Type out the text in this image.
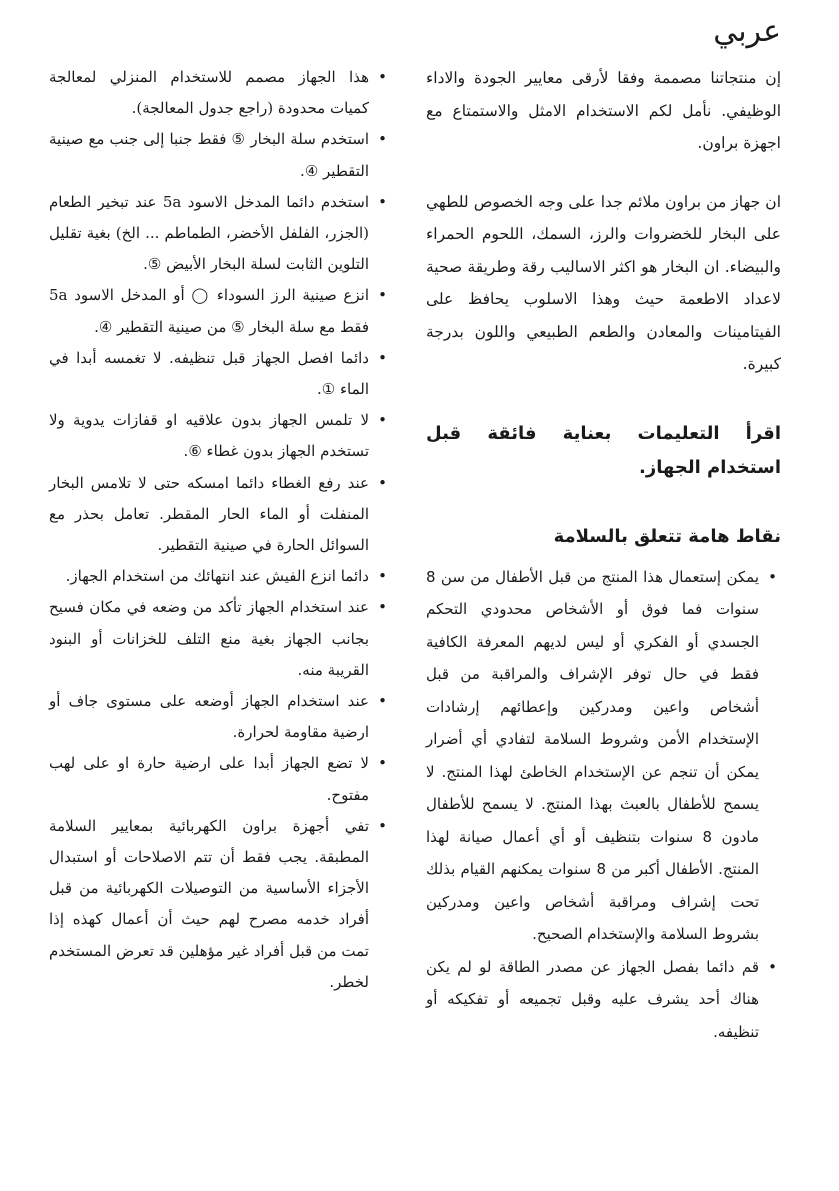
عربي

إن منتجاتنا مصممة وفقا لأرقى معايير الجودة والاداء الوظيفي. نأمل لكم الاستخدام الامثل والاستمتاع مع اجهزة براون.

ان جهاز من براون ملائم جدا على وجه الخصوص للطهي على البخار للخضروات والرز، السمك، اللحوم الحمراء والبيضاء. ان البخار هو اكثر الاساليب رقة وطريقة صحية لاعداد الاطعمة حيث وهذا الاسلوب يحافظ على الفيتامينات والمعادن والطعم الطبيعي واللون بدرجة كبيرة.

اقرأ التعليمات بعناية فائقة قبل استخدام الجهاز.
نقاط هامة تتعلق بالسلامة
• يمكن إستعمال هذا المنتج من قبل الأطفال من سن 8 سنوات فما فوق أو الأشخاص محدودي التحكم الجسدي أو الفكري أو ليس لديهم المعرفة الكافية فقط في حال توفر الإشراف والمراقبة من قبل أشخاص واعين ومدركين وإعطائهم إرشادات الإستخدام الأمن وشروط السلامة لتفادي أي أضرار يمكن أن تنجم عن الإستخدام الخاطئ لهذا المنتج. لا يسمح للأطفال بالعبث بهذا المنتج. لا يسمح للأطفال مادون 8 سنوات بتنظيف أو أي أعمال صيانة لهذا المنتج. الأطفال أكبر من 8 سنوات يمكنهم القيام بذلك تحت إشراف ومراقبة أشخاص واعين ومدركين بشروط السلامة والإستخدام الصحيح.
• قم دائما بفصل الجهاز عن مصدر الطاقة لو لم يكن هناك أحد يشرف عليه وقبل تجميعه أو تفكيكه أو تنظيفه.
• هذا الجهاز مصمم للاستخدام المنزلي لمعالجة كميات محدودة (راجع جدول المعالجة).
• استخدم سلة البخار ⑤ فقط جنبا إلى جنب مع صينية التقطير ④.
• استخدم دائما المدخل الاسود 5a عند تبخير الطعام (الجزر، الفلفل الأخضر، الطماطم ... الخ) بغية تقليل التلوين الثابت لسلة البخار الأبيض ⑤.
• انزع صينية الرز السوداء ◯ أو المدخل الاسود 5a فقط مع سلة البخار ⑤ من صينية التقطير ④.
• دائما افصل الجهاز قبل تنظيفه. لا تغمسه أبدا في الماء ①.
• لا تلمس الجهاز بدون علاقيه او قفازات يدوية ولا تستخدم الجهاز بدون غطاء ⑥.
• عند رفع الغطاء دائما امسكه حتى لا تلامس البخار المنفلت أو الماء الحار المقطر. تعامل بحذر مع السوائل الحارة في صينية التقطير.
• دائما انزع الفيش عند انتهائك من استخدام الجهاز.
• عند استخدام الجهاز تأكد من وضعه في مكان فسيح بجانب الجهاز بغية منع التلف للخزانات أو البنود القريبة منه.
• عند استخدام الجهاز أوضعه على مستوى جاف أو ارضية مقاومة لحرارة.
• لا تضع الجهاز أبدا على ارضية حارة او على لهب مفتوح.
• تفي أجهزة براون الكهربائية بمعايير السلامة المطبقة. يجب فقط أن تتم الاصلاحات أو استبدال الأجزاء الأساسية من التوصيلات الكهربائية من قبل أفراد خدمه مصرح لهم حيث أن أعمال كهذه إذا تمت من قبل أفراد غير مؤهلين قد تعرض المستخدم لخطر.
